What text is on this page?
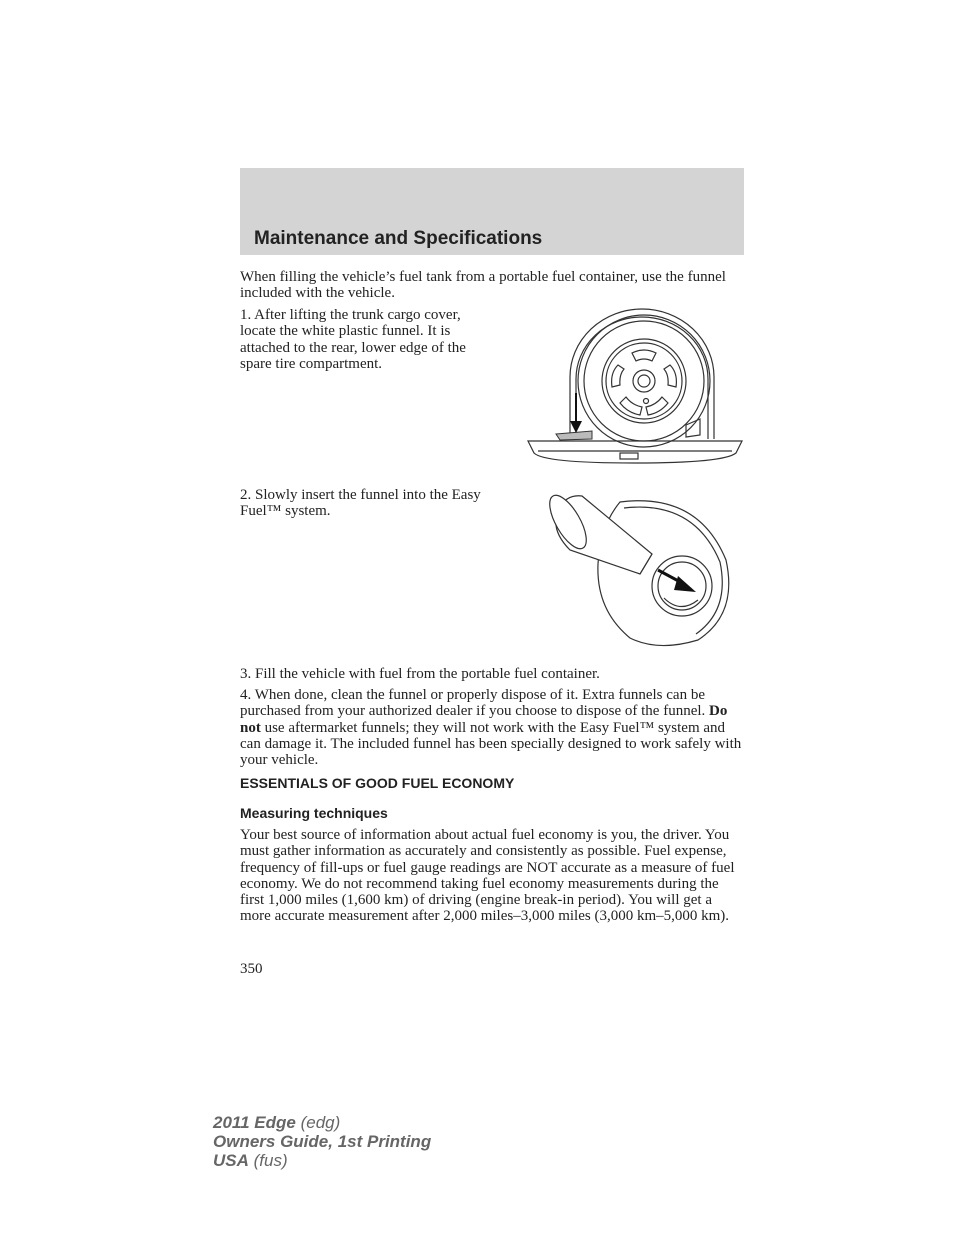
Maintenance and Specifications

When filling the vehicle’s fuel tank from a portable fuel container, use the funnel included with the vehicle.

1. After lifting the trunk cargo cover, locate the white plastic funnel. It is attached to the rear, lower edge of the spare tire compartment.

2. Slowly insert the funnel into the Easy Fuel™ system.

3. Fill the vehicle with fuel from the portable fuel container.

4. When done, clean the funnel or properly dispose of it. Extra funnels can be purchased from your authorized dealer if you choose to dispose of the funnel. Do not use aftermarket funnels; they will not work with the Easy Fuel™ system and can damage it. The included funnel has been specially designed to work safely with your vehicle.

ESSENTIALS OF GOOD FUEL ECONOMY
Measuring techniques

Your best source of information about actual fuel economy is you, the driver. You must gather information as accurately and consistently as possible. Fuel expense, frequency of fill-ups or fuel gauge readings are NOT accurate as a measure of fuel economy. We do not recommend taking fuel economy measurements during the first 1,000 miles (1,600 km) of driving (engine break-in period). You will get a more accurate measurement after 2,000 miles–3,000 miles (3,000 km–5,000 km).

350
2011 Edge (edg)
Owners Guide, 1st Printing
USA (fus)
